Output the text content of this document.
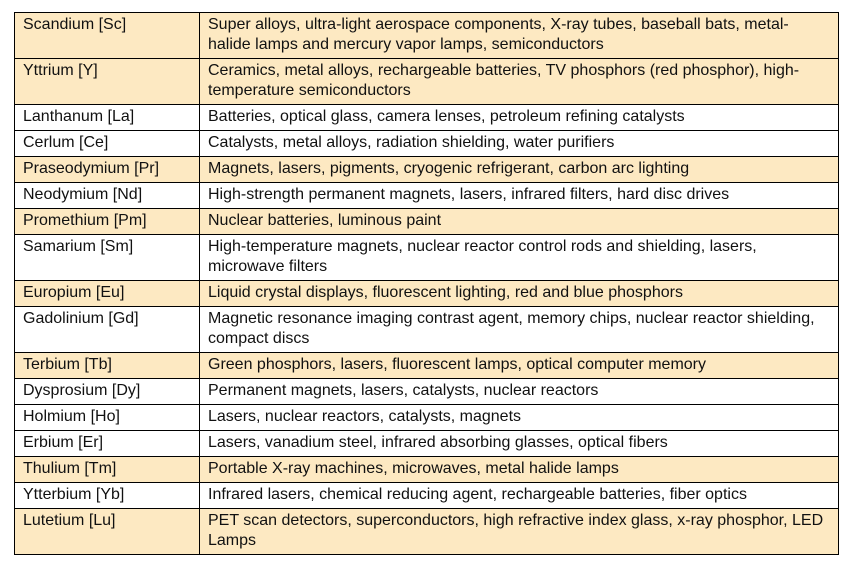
Scandium [Sc]	Super alloys, ultra-light aerospace components, X-ray tubes, baseball bats, metal-halide lamps and mercury vapor lamps, semiconductors
Yttrium [Y]	Ceramics, metal alloys, rechargeable batteries, TV phosphors (red phosphor), high-temperature semiconductors
Lanthanum [La]	Batteries, optical glass, camera lenses, petroleum refining catalysts
Cerlum [Ce]	Catalysts, metal alloys, radiation shielding, water purifiers
Praseodymium [Pr]	Magnets, lasers, pigments, cryogenic refrigerant, carbon arc lighting
Neodymium [Nd]	High-strength permanent magnets, lasers, infrared filters, hard disc drives
Promethium [Pm]	Nuclear batteries, luminous paint
Samarium [Sm]	High-temperature magnets, nuclear reactor control rods and shielding, lasers, microwave filters
Europium [Eu]	Liquid crystal displays, fluorescent lighting, red and blue phosphors
Gadolinium [Gd]	Magnetic resonance imaging contrast agent, memory chips, nuclear reactor shielding, compact discs
Terbium [Tb]	Green phosphors, lasers, fluorescent lamps, optical computer memory
Dysprosium [Dy]	Permanent magnets, lasers, catalysts, nuclear reactors
Holmium [Ho]	Lasers, nuclear reactors, catalysts, magnets
Erbium [Er]	Lasers, vanadium steel, infrared absorbing glasses, optical fibers
Thulium [Tm]	Portable X-ray machines, microwaves, metal halide lamps
Ytterbium [Yb]	Infrared lasers, chemical reducing agent, rechargeable batteries, fiber optics
Lutetium [Lu]	PET scan detectors, superconductors, high refractive index glass, x-ray phosphor, LED Lamps
